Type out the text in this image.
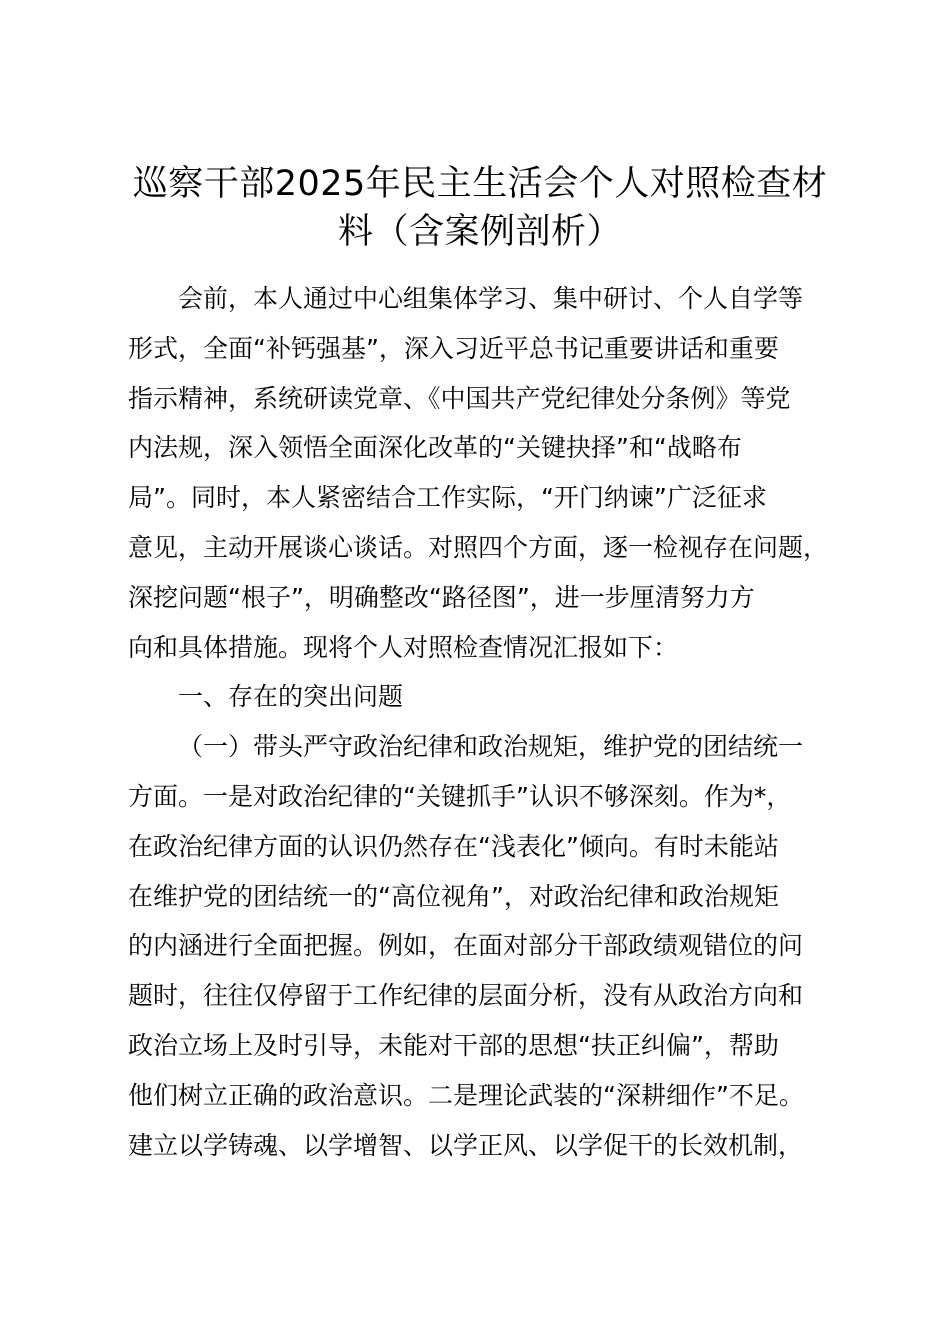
巡察干部2025年民主生活会个人对照检查材
料（含案例剖析）

会前，本人通过中心组集体学习、集中研讨、个人自学等
形式，全面“补钙强基”，深入习近平总书记重要讲话和重要
指示精神，系统研读党章、《中国共产党纪律处分条例》等党
内法规，深入领悟全面深化改革的“关键抉择”和“战略布
局”。同时，本人紧密结合工作实际，“开门纳谏”广泛征求
意见，主动开展谈心谈话。对照四个方面，逐一检视存在问题，
深挖问题“根子”，明确整改“路径图”，进一步厘清努力方
向和具体措施。现将个人对照检查情况汇报如下：

一、存在的突出问题

（一）带头严守政治纪律和政治规矩，维护党的团结统一
方面。一是对政治纪律的“关键抓手”认识不够深刻。作为*，
在政治纪律方面的认识仍然存在“浅表化”倾向。有时未能站
在维护党的团结统一的“高位视角”，对政治纪律和政治规矩
的内涵进行全面把握。例如，在面对部分干部政绩观错位的问
题时，往往仅停留于工作纪律的层面分析，没有从政治方向和
政治立场上及时引导，未能对干部的思想“扶正纠偏”，帮助
他们树立正确的政治意识。二是理论武装的“深耕细作”不足。
建立以学铸魂、以学增智、以学正风、以学促干的长效机制，
